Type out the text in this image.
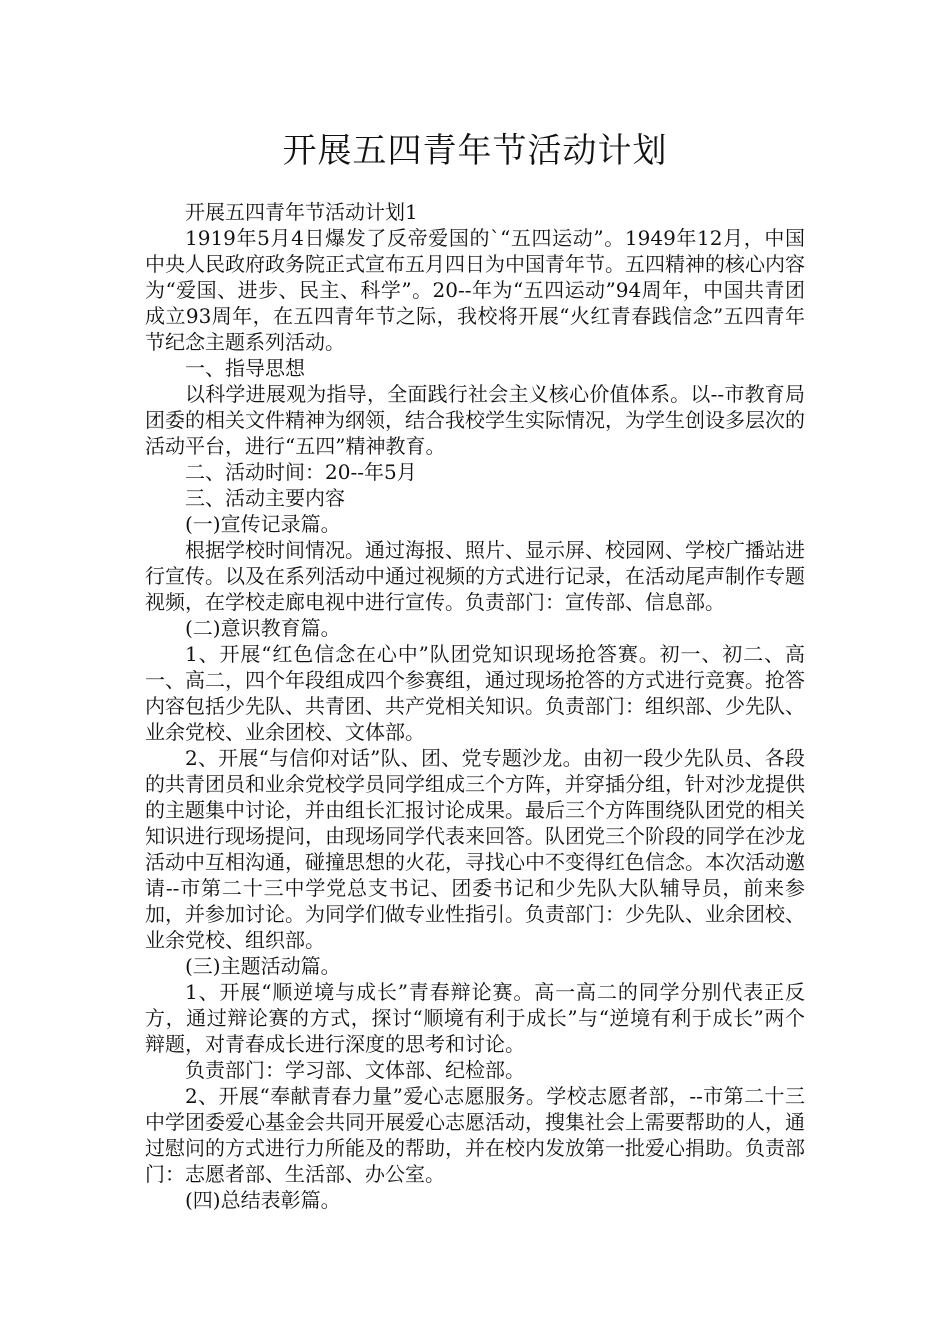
开展五四青年节活动计划

开展五四青年节活动计划1

1919年5月4日爆发了反帝爱国的`“五四运动”。1949年12月，中国中央人民政府政务院正式宣布五月四日为中国青年节。五四精神的核心内容为“爱国、进步、民主、科学”。20--年为“五四运动”94周年，中国共青团成立93周年，在五四青年节之际，我校将开展“火红青春践信念”五四青年节纪念主题系列活动。

一、指导思想

以科学进展观为指导，全面践行社会主义核心价值体系。以--市教育局团委的相关文件精神为纲领，结合我校学生实际情况，为学生创设多层次的活动平台，进行“五四”精神教育。

二、活动时间：20--年5月

三、活动主要内容

(一)宣传记录篇。

根据学校时间情况。通过海报、照片、显示屏、校园网、学校广播站进行宣传。以及在系列活动中通过视频的方式进行记录，在活动尾声制作专题视频，在学校走廊电视中进行宣传。负责部门：宣传部、信息部。

(二)意识教育篇。

1、开展“红色信念在心中”队团党知识现场抢答赛。初一、初二、高一、高二，四个年段组成四个参赛组，通过现场抢答的方式进行竞赛。抢答内容包括少先队、共青团、共产党相关知识。负责部门：组织部、少先队、业余党校、业余团校、文体部。

2、开展“与信仰对话”队、团、党专题沙龙。由初一段少先队员、各段的共青团员和业余党校学员同学组成三个方阵，并穿插分组，针对沙龙提供的主题集中讨论，并由组长汇报讨论成果。最后三个方阵围绕队团党的相关知识进行现场提问，由现场同学代表来回答。队团党三个阶段的同学在沙龙活动中互相沟通，碰撞思想的火花，寻找心中不变得红色信念。本次活动邀请--市第二十三中学党总支书记、团委书记和少先队大队辅导员，前来参加，并参加讨论。为同学们做专业性指引。负责部门：少先队、业余团校、业余党校、组织部。

(三)主题活动篇。

1、开展“顺逆境与成长”青春辩论赛。高一高二的同学分别代表正反方，通过辩论赛的方式，探讨“顺境有利于成长”与“逆境有利于成长”两个辩题，对青春成长进行深度的思考和讨论。

负责部门：学习部、文体部、纪检部。

2、开展“奉献青春力量”爱心志愿服务。学校志愿者部，--市第二十三中学团委爱心基金会共同开展爱心志愿活动，搜集社会上需要帮助的人，通过慰问的方式进行力所能及的帮助，并在校内发放第一批爱心捐助。负责部门：志愿者部、生活部、办公室。

(四)总结表彰篇。
